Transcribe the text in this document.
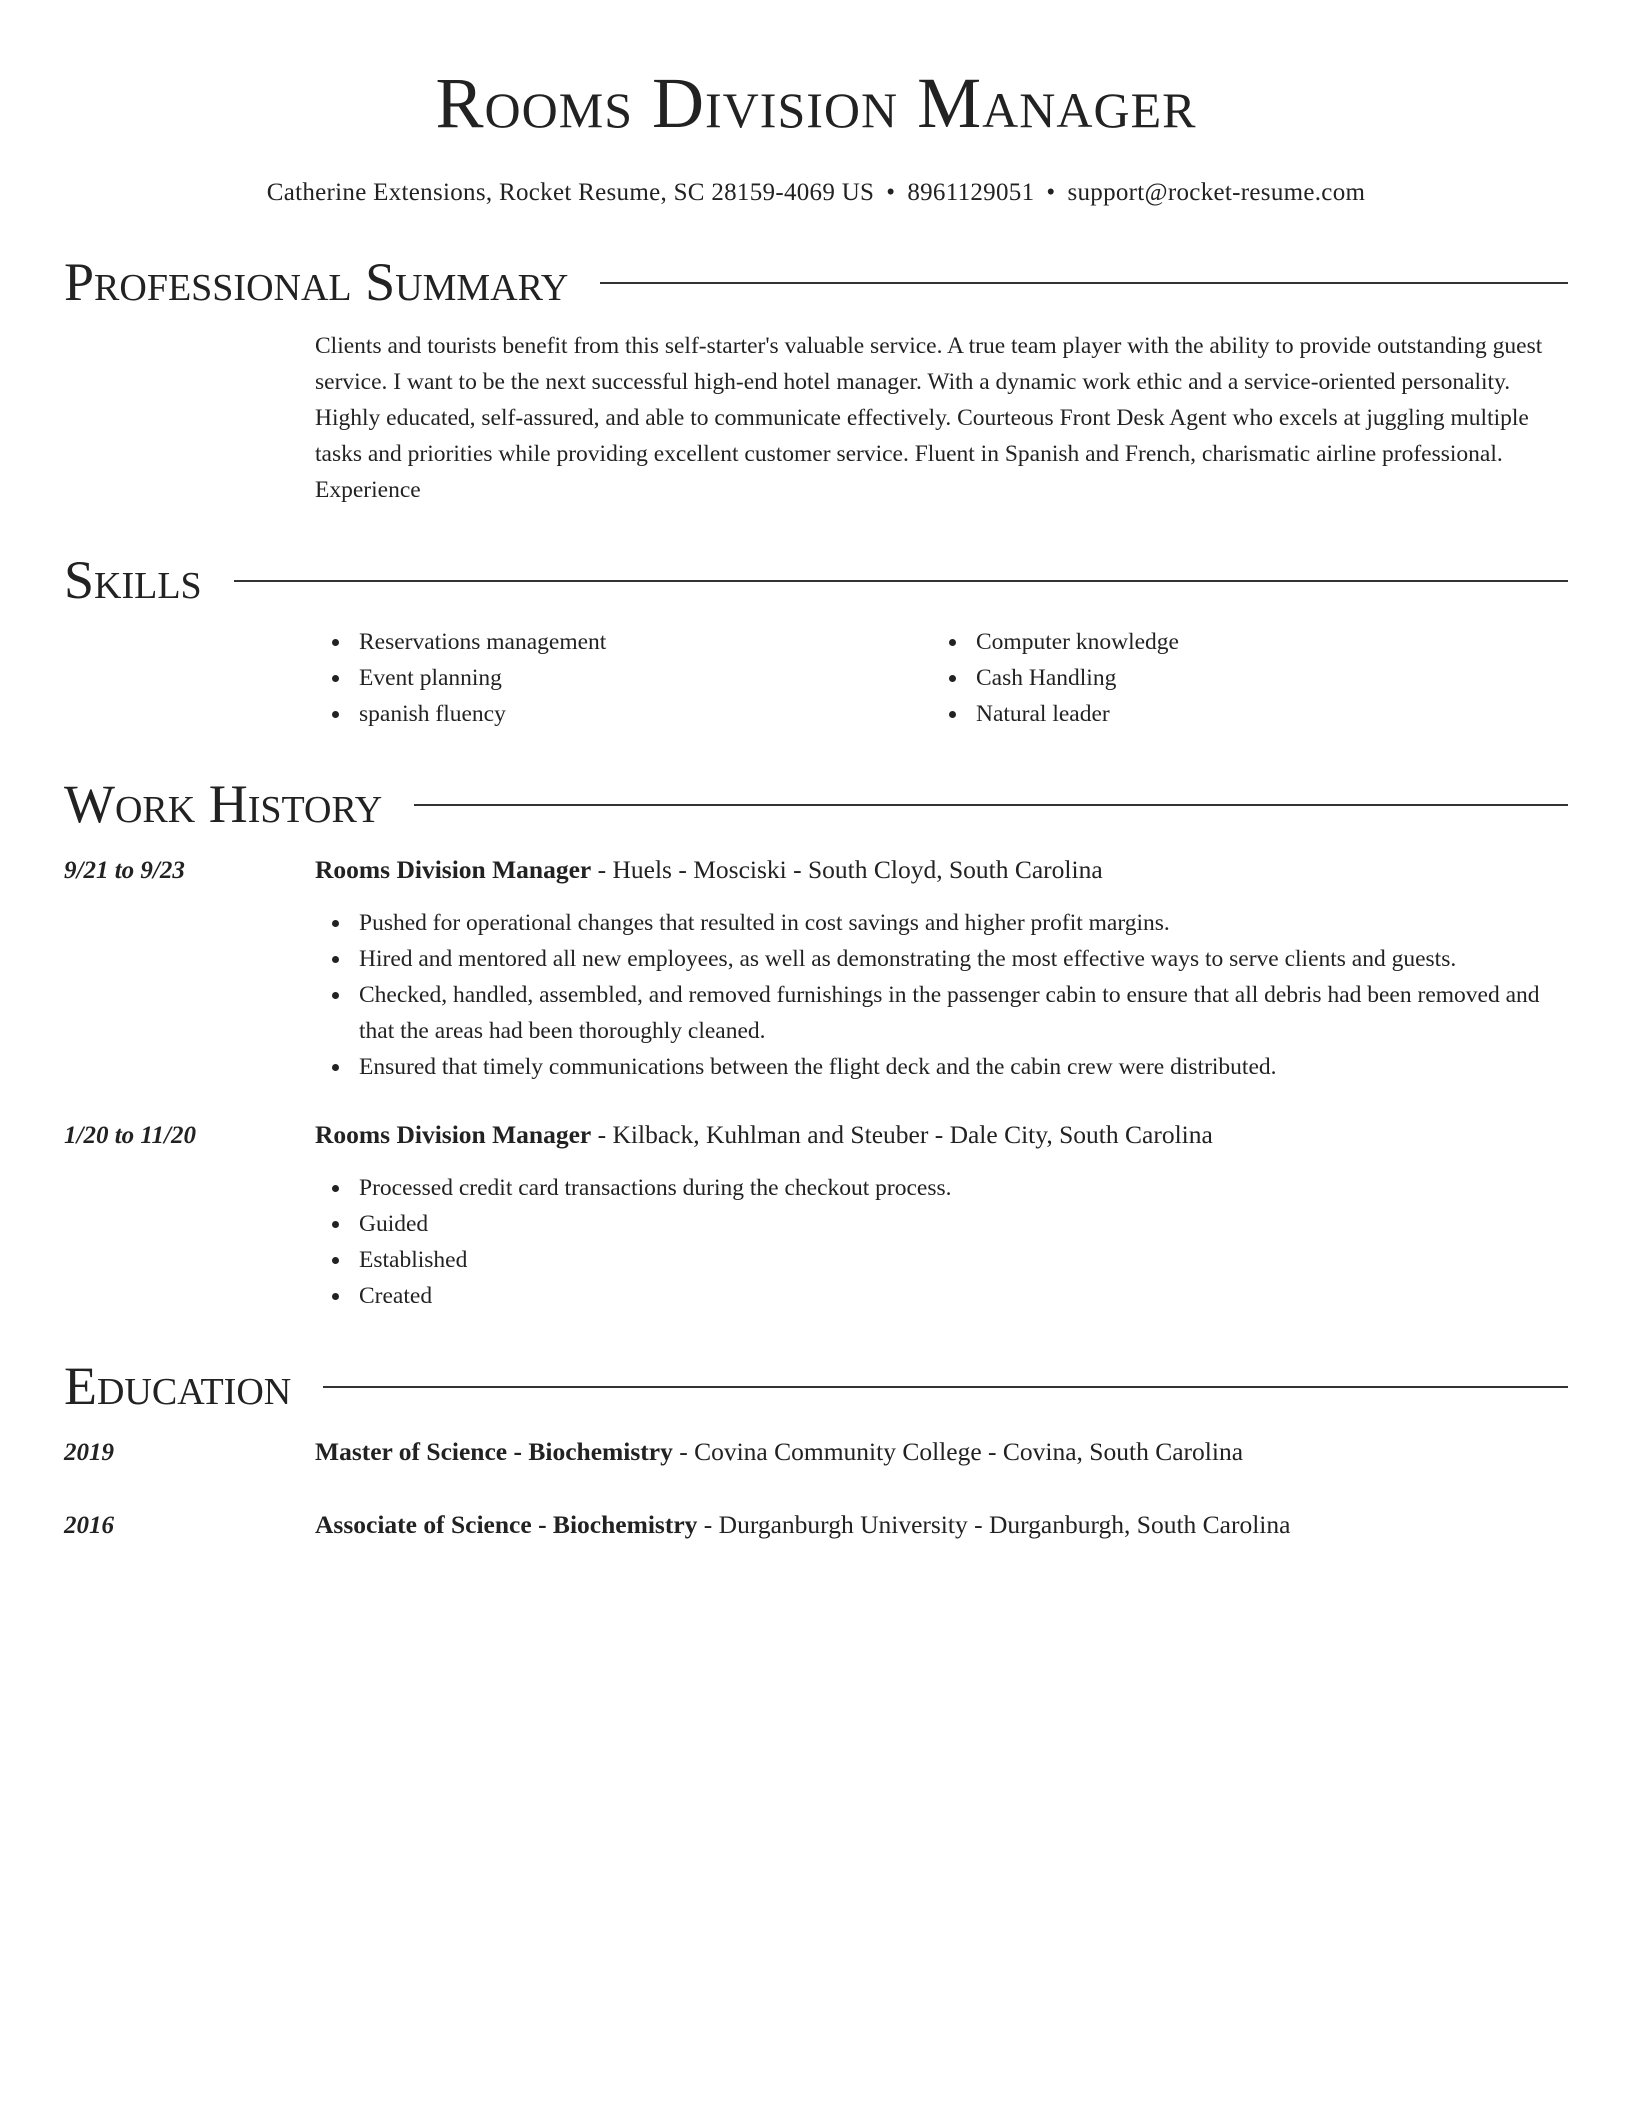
Rooms Division Manager
Catherine Extensions, Rocket Resume, SC 28159-4069 US • 8961129051 • support@rocket-resume.com
Professional Summary
Clients and tourists benefit from this self-starter's valuable service. A true team player with the ability to provide outstanding guest service. I want to be the next successful high-end hotel manager. With a dynamic work ethic and a service-oriented personality. Highly educated, self-assured, and able to communicate effectively. Courteous Front Desk Agent who excels at juggling multiple tasks and priorities while providing excellent customer service. Fluent in Spanish and French, charismatic airline professional. Experience
Skills
Reservations management
Event planning
spanish fluency
Computer knowledge
Cash Handling
Natural leader
Work History
9/21 to 9/23	Rooms Division Manager - Huels - Mosciski - South Cloyd, South Carolina
Pushed for operational changes that resulted in cost savings and higher profit margins.
Hired and mentored all new employees, as well as demonstrating the most effective ways to serve clients and guests.
Checked, handled, assembled, and removed furnishings in the passenger cabin to ensure that all debris had been removed and that the areas had been thoroughly cleaned.
Ensured that timely communications between the flight deck and the cabin crew were distributed.
1/20 to 11/20	Rooms Division Manager - Kilback, Kuhlman and Steuber - Dale City, South Carolina
Processed credit card transactions during the checkout process.
Guided
Established
Created
Education
2019	Master of Science - Biochemistry - Covina Community College - Covina, South Carolina
2016	Associate of Science - Biochemistry - Durganburgh University - Durganburgh, South Carolina
